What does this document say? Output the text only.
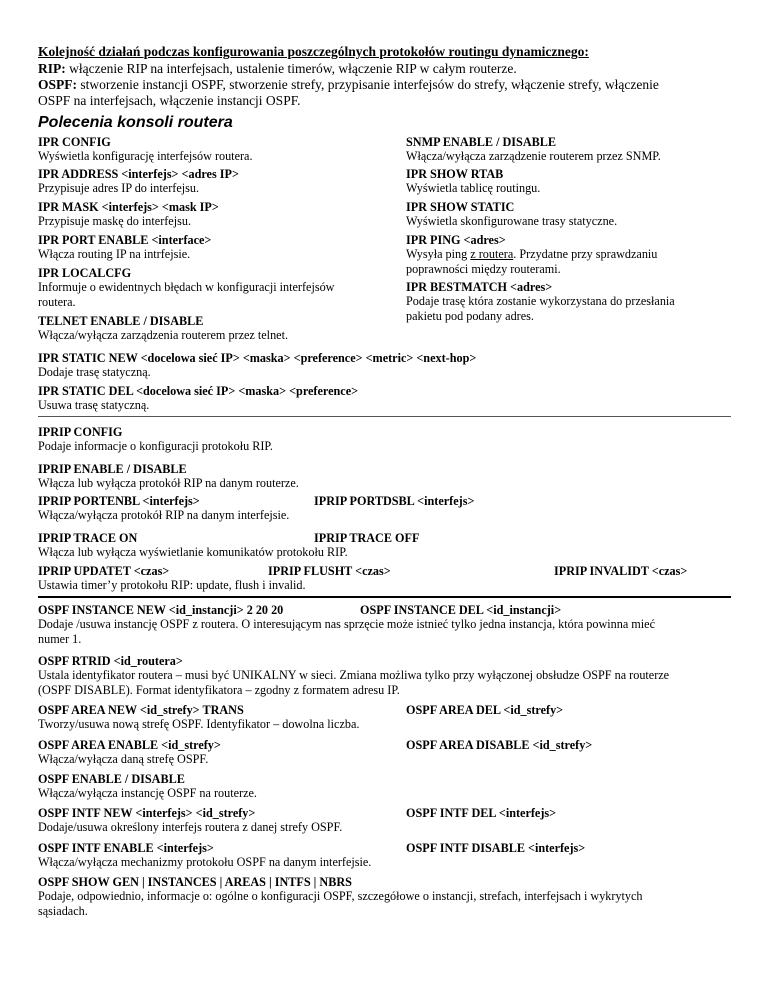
Kolejność działań podczas konfigurowania poszczególnych protokołów routingu dynamicznego:
RIP: włączenie RIP na interfejsach, ustalenie timerów, włączenie RIP w całym routerze.
OSPF: stworzenie instancji OSPF, stworzenie strefy, przypisanie interfejsów do strefy, włączenie strefy, włączenie
OSPF na interfejsach, włączenie instancji OSPF.
Polecenia konsoli routera
IPR CONFIG
Wyświetla konfigurację interfejsów routera.
IPR ADDRESS <interfejs> <adres IP>
Przypisuje adres IP do interfejsu.
IPR MASK <interfejs> <mask IP>
Przypisuje maskę do interfejsu.
IPR PORT ENABLE <interface>
Włącza routing IP na intrfejsie.
IPR LOCALCFG
Informuje o ewidentnych błędach w konfiguracji interfejsów
routera.
TELNET ENABLE / DISABLE
Włącza/wyłącza zarządzenia routerem przez telnet.
SNMP ENABLE / DISABLE
Włącza/wyłącza zarządzenie routerem przez SNMP.
IPR SHOW RTAB
Wyświetla tablicę routingu.
IPR SHOW STATIC
Wyświetla skonfigurowane trasy statyczne.
IPR PING <adres>
Wysyła ping z routera. Przydatne przy sprawdzaniu
poprawności między routerami.
IPR BESTMATCH <adres>
Podaje trasę która zostanie wykorzystana do przesłania
pakietu pod podany adres.
IPR STATIC NEW <docelowa sieć IP> <maska> <preference> <metric> <next-hop>
Dodaje trasę statyczną.
IPR STATIC DEL <docelowa sieć IP> <maska> <preference>
Usuwa trasę statyczną.
IPRIP CONFIG
Podaje informacje o konfiguracji protokołu RIP.
IPRIP ENABLE / DISABLE
Włącza lub wyłącza protokół RIP na danym routerze.
IPRIP PORTENBL <interfejs>	IPRIP PORTDSBL <interfejs>
Włącza/wyłącza protokół RIP na danym interfejsie.
IPRIP TRACE ON	IPRIP TRACE OFF
Włącza lub wyłącza wyświetlanie komunikatów protokołu RIP.
IPRIP UPDATET <czas>	IPRIP FLUSHT <czas>	IPRIP INVALIDT <czas>
Ustawia timer’y protokołu RIP: update, flush i invalid.
OSPF INSTANCE NEW <id_instancji> 2 20 20	OSPF INSTANCE DEL <id_instancji>
Dodaje /usuwa instancję OSPF z routera. O interesującym nas sprzęcie może istnieć tylko jedna instancja, która powinna mieć
numer 1.
OSPF RTRID <id_routera>
Ustala identyfikator routera – musi być UNIKALNY w sieci. Zmiana możliwa tylko przy wyłączonej obsłudze OSPF na routerze
(OSPF DISABLE). Format identyfikatora – zgodny z formatem adresu IP.
OSPF AREA NEW <id_strefy> TRANS	OSPF AREA DEL <id_strefy>
Tworzy/usuwa nową strefę OSPF. Identyfikator – dowolna liczba.
OSPF AREA ENABLE <id_strefy>	OSPF AREA DISABLE <id_strefy>
Włącza/wyłącza daną strefę OSPF.
OSPF ENABLE / DISABLE
Włącza/wyłącza instancję OSPF na routerze.
OSPF INTF NEW <interfejs> <id_strefy>	OSPF INTF DEL <interfejs>
Dodaje/usuwa określony interfejs routera z danej strefy OSPF.
OSPF INTF ENABLE <interfejs>	OSPF INTF DISABLE <interfejs>
Włącza/wyłącza mechanizmy protokołu OSPF na danym interfejsie.
OSPF SHOW GEN | INSTANCES | AREAS | INTFS | NBRS
Podaje, odpowiednio, informacje o: ogólne o konfiguracji OSPF, szczegółowe o instancji, strefach, interfejsach i wykrytych
sąsiadach.
